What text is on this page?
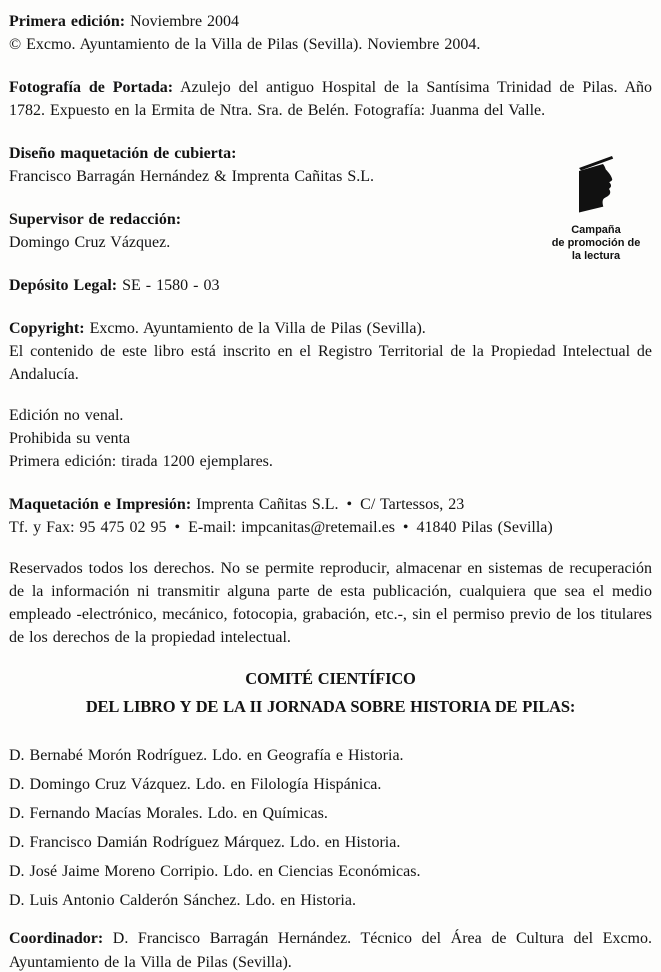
Primera edición: Noviembre 2004
© Excmo. Ayuntamiento de la Villa de Pilas (Sevilla). Noviembre 2004.

Fotografía de Portada: Azulejo del antiguo Hospital de la Santísima Trinidad de Pilas. Año 1782. Expuesto en la Ermita de Ntra. Sra. de Belén. Fotografía: Juanma del Valle.

Diseño maquetación de cubierta:
Francisco Barragán Hernández & Imprenta Cañitas S.L.
Supervisor de redacción:
Domingo Cruz Vázquez.
Depósito Legal: SE - 1580 - 03
Copyright: Excmo. Ayuntamiento de la Villa de Pilas (Sevilla).

El contenido de este libro está inscrito en el Registro Territorial de la Propiedad Intelectual de Andalucía.

Edición no venal.
Prohibida su venta
Primera edición: tirada 1200 ejemplares.
Maquetación e Impresión: Imprenta Cañitas S.L. • C/ Tartessos, 23
Tf. y Fax: 95 475 02 95 • E-mail: impcanitas@retemail.es • 41840 Pilas (Sevilla)

Reservados todos los derechos. No se permite reproducir, almacenar en sistemas de recuperación de la información ni transmitir alguna parte de esta publicación, cualquiera que sea el medio empleado -electrónico, mecánico, fotocopia, grabación, etc.-, sin el permiso previo de los titulares de los derechos de la propiedad intelectual.

COMITÉ CIENTÍFICO
DEL LIBRO Y DE LA II JORNADA SOBRE HISTORIA DE PILAS:
D. Bernabé Morón Rodríguez. Ldo. en Geografía e Historia.
D. Domingo Cruz Vázquez. Ldo. en Filología Hispánica.
D. Fernando Macías Morales. Ldo. en Químicas.
D. Francisco Damián Rodríguez Márquez. Ldo. en Historia.
D. José Jaime Moreno Corripio. Ldo. en Ciencias Económicas.
D. Luis Antonio Calderón Sánchez. Ldo. en Historia.

Coordinador: D. Francisco Barragán Hernández. Técnico del Área de Cultura del Excmo. Ayuntamiento de la Villa de Pilas (Sevilla).

Campaña
de promoción de
la lectura
